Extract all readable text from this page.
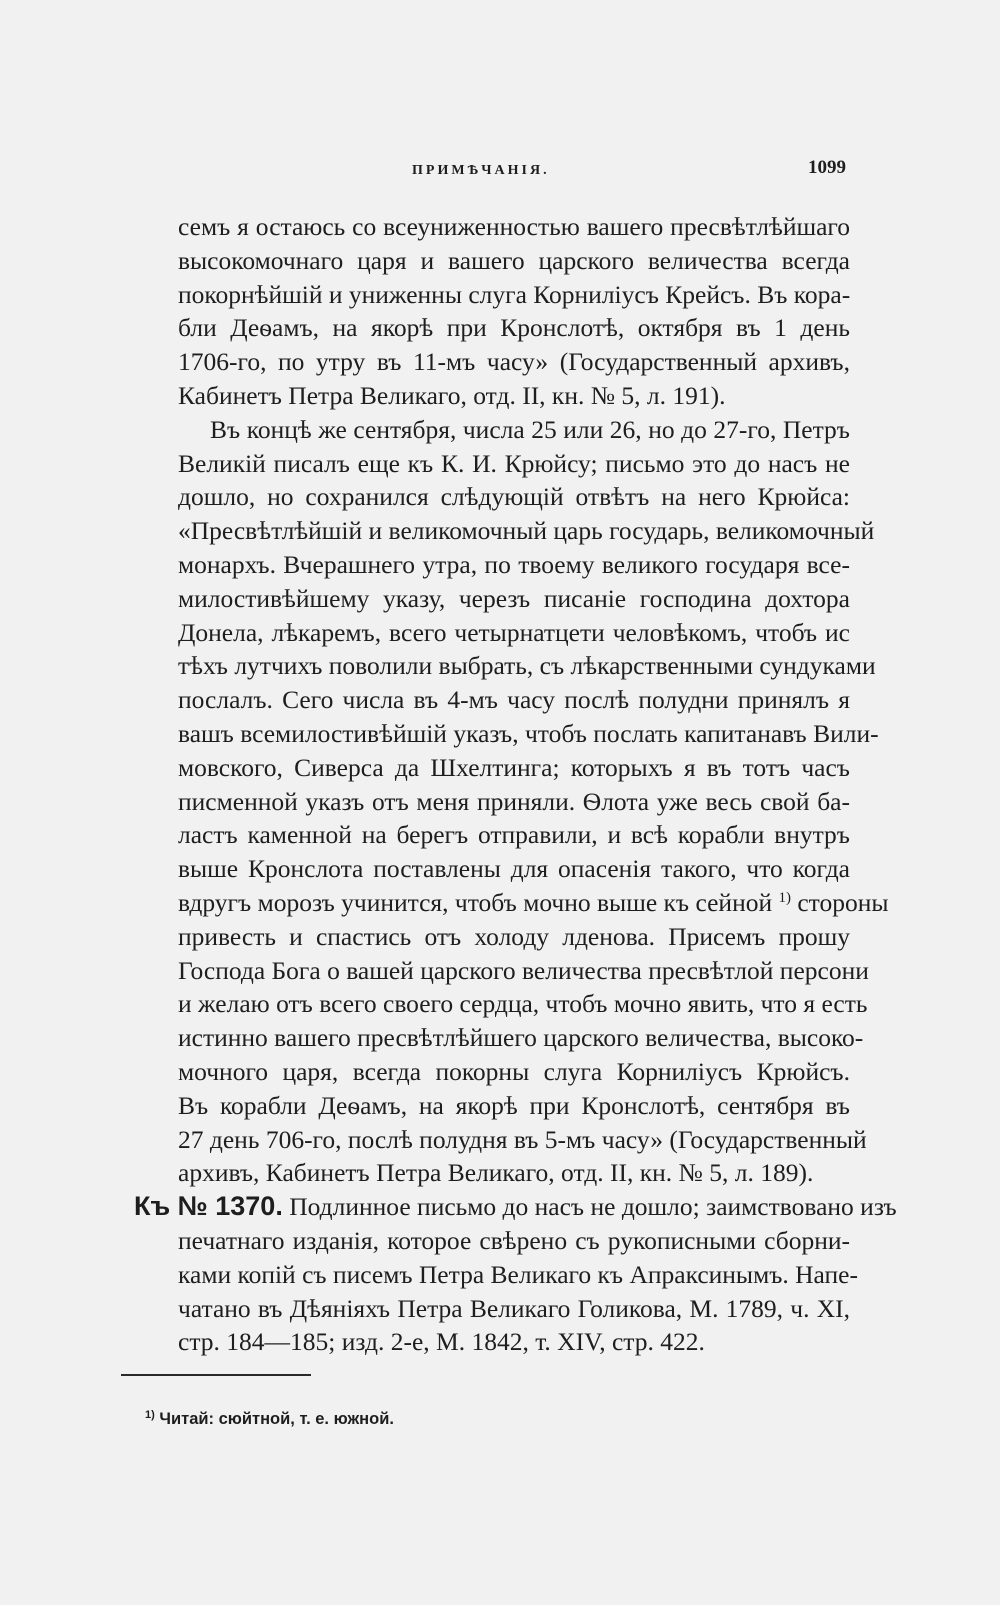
ПРИМѢЧАНІЯ.	1099
семъ я остаюсь со всеуниженностью вашего пресвѣтлѣйшаго
высокомочнаго царя и вашего царского величества всегда
покорнѣйшій и униженны слуга Корниліусъ Крейсъ. Въ кора-
бли Деѳамъ, на якорѣ при Кронслотѣ, октября въ 1 день
1706-го, по утру въ 11-мъ часу» (Государственный архивъ,
Кабинетъ Петра Великаго, отд. II, кн. № 5, л. 191).
Въ концѣ же сентября, числа 25 или 26, но до 27-го, Петръ
Великій писалъ еще къ К. И. Крюйсу; письмо это до насъ не
дошло, но сохранился слѣдующій отвѣтъ на него Крюйса:
«Пресвѣтлѣйшій и великомочный царь государь, великомочный
монархъ. Вчерашнего утра, по твоему великого государя все-
милостивѣйшему указу, черезъ писаніе господина дохтора
Донела, лѣкаремъ, всего четырнатцети человѣкомъ, чтобъ ис
тѣхъ лутчихъ поволили выбрать, съ лѣкарственными сундуками
послалъ. Сего числа въ 4-мъ часу послѣ полудни принялъ я
вашъ всемилостивѣйшій указъ, чтобъ послать капитанавъ Вили-
мовского, Сиверса да Шхелтинга; которыхъ я въ тотъ часъ
писменной указъ отъ меня приняли. Ѳлота уже весь свой ба-
ластъ каменной на берегъ отправили, и всѣ корабли внутръ
выше Кронслота поставлены для опасенія такого, что когда
вдругъ морозъ учинится, чтобъ мочно выше къ сейной $^{1)}$ стороны
привесть и спастись отъ холоду лденова. Присемъ прошу
Господа Бога о вашей царского величества пресвѣтлой персони
и желаю отъ всего своего сердца, чтобъ мочно явить, что я есть
истинно вашего пресвѣтлѣйшего царского величества, высоко-
мочного царя, всегда покорны слуга Корниліусъ Крюйсъ.
Въ корабли Деѳамъ, на якорѣ при Кронслотѣ, сентября въ
27 день 706-го, послѣ полудня въ 5-мъ часу» (Государственный
архивъ, Кабинетъ Петра Великаго, отд. II, кн. № 5, л. 189).
Къ № 1370. Подлинное письмо до насъ не дошло; заимствовано изъ
печатнаго изданія, которое свѣрено съ рукописными сборни-
ками копій съ писемъ Петра Великаго къ Апраксинымъ. Напе-
чатано въ Дѣяніяхъ Петра Великаго Голикова, М. 1789, ч. XI,
стр. 184—185; изд. 2-е, М. 1842, т. XIV, стр. 422.
$^{1)}$ Читай: сюйтной, т. е. южной.
